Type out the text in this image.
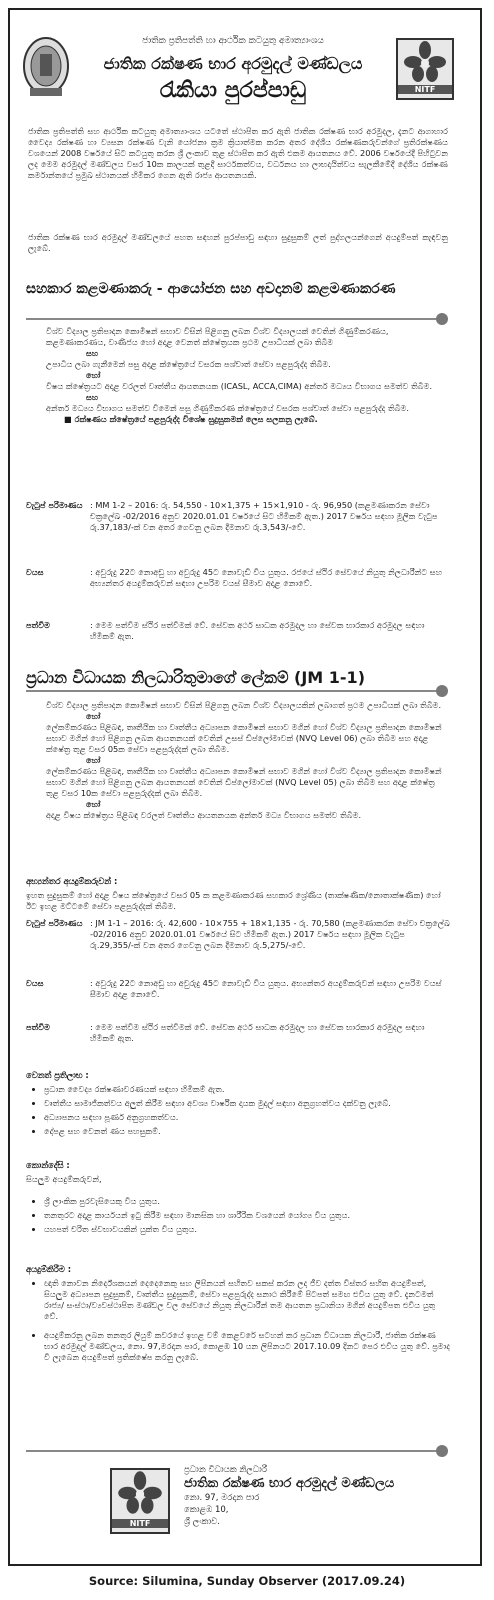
ජාතික ප්‍රතිපත්ති හා ආර්ථික කටයුතු අමාත්‍යාංශය
ජාතික රක්ෂණ භාර අරමුදල් මණ්ඩලය
රැකියා පුරප්පාඩු	NITF
ජාතික ප්‍රතිපත්ති සහ ආර්ථික කටයුතු අමාත්‍යාංශය යටතේ ස්ථාපිත කර ඇති ජාතික රක්ෂණ භාර අරමුදල, දැනට ආගාහාර වෛද්‍ය රක්ෂණ හා ව්‍යසන රක්ෂණ වැනි යෝජනා ක්‍රම ක්‍රියාත්මක කරන අතර දේශීය රක්ෂණකරුවන්ගේ ප්‍රතිරක්ෂණය වශයෙන් 2008 වර්ෂයේ සිට කටයුතු කරන ශ්‍රී ලංකාව තුළ ස්ථාපිත කර ඇති එකම ආයතනය වේ. 2006 වර්ෂයේදී පිහිටුවන ලද මෙම අරමුදල් මණ්ඩලය වසර 10ක කාලයක් තුළදී සාර්ථකත්වය, වර්ධනය හා ලාභදායිත්වය සැලකීමේදී දේශීය රක්ෂණ කර්මාන්තයේ ප්‍රමුඛ ස්ථානයක් හිමිකර ගෙන ඇති රාජ්‍ය ආයතනයකි.
ජාතික රක්ෂණ භාර අරමුදල් මණ්ඩලයේ පහත සඳහන් පුරප්පාඩු සඳහා සුදුසුකම් ලත් පුද්ගලයන්ගෙන් අයදුම්පත් කැඳවනු ලැබේ.
සහකාර කළමණාකරු - ආයෝජන සහ අවදානම් කළමණාකරණ
විශ්ව විද්‍යාල ප්‍රතිපාදන කොමිෂන් සභාව විසින් පිළිගනු ලබන විශ්ව විද්‍යාලයක් වෙතින් ගිණුම්කරණය, කළමණාකරණය, වාණිජය හෝ අදාළ වෙනත් ක්ෂේත්‍රයක ප්‍රථම උපාධියක් ලබා තිබීම
සහ
උපාධිය ලබා ගැනීමෙන් පසු අදාළ ක්ෂේත්‍රයේ වසරක පශ්චාත් සේවා පළපුරුද්ද තිබීම.
හෝ
විෂය ක්ෂේත්‍රයට අදාළ වරලත් වෘත්තීය ආයතනයක (ICASL, ACCA,CIMA) අන්තර් මධ්‍යය විභාගය සමත්ව තිබීම.
සහ
අන්තර් මධ්‍යය විභාගය සමත්ව වීමෙන් පසු ගිණුම්කරණ ක්ෂේත්‍රයේ වසරක පශ්චාත් සේවා පළපුරුද්ද තිබීම.
■ රක්ෂණය ක්ෂේත්‍රයේ පළපුරුද්ද විශේෂ සුදුසුකමක් ලෙස සලකනු ලැබේ.
වැටුප් පරිමාණය : MM 1-2 – 2016: රු. 54,550 - 10×1,375 + 15×1,910 - රු. 96,950 (කළමණාකරන සේවා චක්‍රලේඛ -02/2016 අනුව 2020.01.01 වර්ෂයේ සිට හිමිකම් ඇත.) 2017 වර්ෂය සඳහා මූලික වැටුප රු.37,183/-ක් වන අතර ගෙවනු ලබන දීමනාව රු.3,543/-වේ.
වයස	: අවුරුදු 22ට නොඅඩු හා අවුරුදු 45ට නොවැඩි විය යුතුය. රජයේ ස්ථිර සේවයේ නියුතු නිලධාරීන්ට සහ අභ්‍යන්තර අයදුම්කරුවන් සඳහා උපරිම වයස් සීමාව අදාළ නොවේ.
පත්වීම	: මෙම පත්වීම ස්ථිර පත්වීමක් වේ. සේවක අර්ථ සාධක අරමුදල හා සේවක භාරකාර අරමුදල සඳහා හිමිකම් ඇත.
ප්‍රධාන විධායක නිලධාරිතුමාගේ ලේකම් (JM 1-1)
විශ්ව විද්‍යාල ප්‍රතිපාදන කොමිෂන් සභාව විසින් පිළිගනු ලබන විශ්ව විද්‍යාලයකින් ලබාගත් ප්‍රථම උපාධියක් ලබා තිබීම.
හෝ
ලේකම්කරණය පිළිබඳ, තෘතීයික හා වෘත්තීය අධ්‍යාපන කොමිෂන් සභාව මගින් හෝ විශ්ව විද්‍යාල ප්‍රතිපාදන කොමිෂන් සභාව මගින් හෝ පිළිගනු ලබන ආයතනයක් වෙතින් උසස් ඩිප්ලෝමාවක් (NVQ Level 06) ලබා තිබීම සහ අදාළ ක්ෂේත්‍ර තුළ වසර 05ක සේවා පළපුරුද්දක් ලබා තිබීම.
හෝ
ලේකම්කරණය පිළිබඳ, තෘතීයික හා වෘත්තීය අධ්‍යාපන කොමිෂන් සභාව මගින් හෝ විශ්ව විද්‍යාල ප්‍රතිපාදන කොමිෂන් සභාව මගින් හෝ පිළිගනු ලබන ආයතනයක් වෙතින් ඩිප්ලෝමාවක් (NVQ Level 05) ලබා තිබීම සහ අදාළ ක්ෂේත්‍ර තුළ වසර 10ක සේවා පළපුරුද්දක් ලබා තිබීම.
හෝ
අදාළ විෂය ක්ෂේත්‍රය පිළිබඳ වරලත් වෘත්තීය ආයතනයක අන්තර් මධ්‍ය විභාගය සමත්ව තිබීම.
අභ්‍යන්තර අයදුම්කරුවන් :
ඉහත සුදුසුකම් හෝ අදාළ විෂය ක්ෂේත්‍රයේ වසර 05 ක කළමණාකරණ සහකාර ශ්‍රේණිය (තාක්ෂණික/නොතාක්ෂණික) හෝ ඊට ඉහළ මට්ටමේ සේවා පළපුරුද්දක් තිබීම.
වැටුප් පරිමාණය : JM 1-1 – 2016: රු. 42,600 - 10×755 + 18×1,135 - රු. 70,580 (කළමණාකරන සේවා චක්‍රලේඛ -02/2016 අනුව 2020.01.01 වර්ෂයේ සිට හිමිකම් ඇත.) 2017 වර්ෂය සඳහා මූලික වැටුප රු.29,355/-ක් වන අතර ගෙවනු ලබන දීමනාව රු.5,275/-වේ.
වයස	: අවුරුදු 22ට නොඅඩු හා අවුරුදු 45ට නොවැඩි විය යුතුය. අභ්‍යන්තර අයදුම්කරුවන් සඳහා උපරිම වයස් සීමාව අදාළ නොවේ.
පත්වීම	: මෙම පත්වීම ස්ථිර පත්වීමක් වේ. සේවක අර්ථ සාධක අරමුදල හා සේවක භාරකාර අරමුදල සඳහා හිමිකම් ඇත.
වෙනත් ප්‍රතිලාභ :
• ප්‍රධාන වෛද්‍ය රක්ෂණාවරණයක් සඳහා හිමිකම් ඇත.
• වෘත්තීය සාමාජිකත්වය අලුත් කිරීම සඳහා අවශ්‍ය වාර්ෂික දායක මුදල් සඳහා අනුග්‍රහත්වය දක්වනු ලැබේ.
• අධ්‍යාපනය සඳහා පූර්ණ අනුග්‍රහකත්වය.
• දේපළ සහ වෙනත් ණය පහසුකම්.
කොන්දේසි :
සියලුම අයදුම්කරුවන්,
• ශ්‍රී ලාංකික පුරවැසියෙකු විය යුතුය.
• තනතුරට අදාළ කාර්යයන් ඉටු කිරීම සඳහා මානසික හා ශාරීරික වශයෙන් යෝග්‍ය විය යුතුය.
• යහපත් චරිත ස්වභාවයකින් යුක්ත විය යුතුය.
අයදුම්කිරීම :
• ඥාති නොවන නිර්දේශකයන් දෙදෙනෙකු සහ ලිපිනයන් සහිතව සකස් කරන ලද ජීව දත්ත විස්තර සහිත අයදුම්පත්, සියලුම අධ්‍යාපන සුදුසුකම්, වෘත්තීය සුදුසුකම්, සේවා පළපුරුද්ද සනාථ කිරීමේ පිටපත් සමඟ එවිය යුතු වේ. දැනටමත් රාජ්‍ය/ සංස්ථා/ව්‍යවස්ථාපිත මණ්ඩල වල සේවයේ නියුතු නිලධාරීන් තම ආයතන ප්‍රධානියා මගින් අයදුම්පත එවිය යුතු වේ.
• අයදුම්කරනු ලබන තනතුර ලියුම් කවරයේ ඉහළ වම් කෙළවරේ සටහන් කර ප්‍රධාන විධායක නිලධාරී, ජාතික රක්ෂණ භාර අරමුදල් මණ්ඩලය, නො. 97,මරදාන පාර, කොළඹ 10 යන ලිපිනයට 2017.10.09 දිනට පෙර එවිය යුතු වේ. ප්‍රමාද වී ලැබෙන අයදුම්පත් ප්‍රතික්ෂේප කරනු ලැබේ.
NITF
ප්‍රධාන විධායක නිලධාරී
ජාතික රක්ෂණ භාර අරමුදල් මණ්ඩලය
නො. 97, මරදාන පාර
කොළඹ 10,
ශ්‍රී ලංකාව.
Source: Silumina, Sunday Observer (2017.09.24)
